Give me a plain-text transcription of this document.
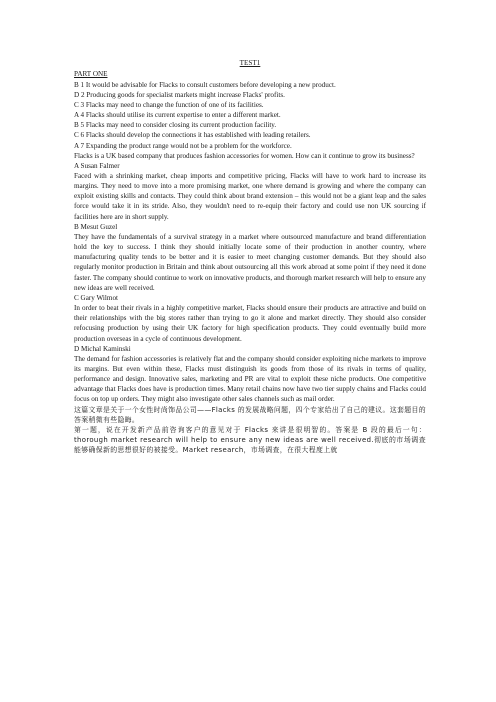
TEST1

PART ONE

B 1 It would be advisable for Flacks to consult customers before developing a new product.

D 2 Producing goods for specialist markets might increase Flacks' profits.

C 3 Flacks may need to change the function of one of its facilities.

A 4 Flacks should utilise its current expertise to enter a different market.

B 5 Flacks may need to consider closing its current production facility.

C 6 Flacks should develop the connections it has established with leading retailers.

A 7 Expanding the product range would not be a problem for the workforce.

Flacks is a UK based company that produces fashion accessories for women. How can it continue to grow its business?

A Susan Falmer

Faced with a shrinking market, cheap imports and competitive pricing, Flacks will have to work hard to increase its margins. They need to move into a more promising market, one where demand is growing and where the company can exploit existing skills and contacts. They could think about brand extension – this would not be a giant leap and the sales force would take it in its stride. Also, they wouldn't need to re-equip their factory and could use non UK sourcing if facilities here are in short supply.

B Mesut Guzel

They have the fundamentals of a survival strategy in a market where outsourced manufacture and brand differentiation hold the key to success. I think they should initially locate some of their production in another country, where manufacturing quality tends to be better and it is easier to meet changing customer demands. But they should also regularly monitor production in Britain and think about outsourcing all this work abroad at some point if they need it done faster. The company should continue to work on innovative products, and thorough market research will help to ensure any new ideas are well received.

C Gary Wilmot

In order to beat their rivals in a highly competitive market, Flacks should ensure their products are attractive and build on their relationships with the big stores rather than trying to go it alone and market directly. They should also consider refocusing production by using their UK factory for high specification products. They could eventually build more production overseas in a cycle of continuous development.

D Michal Kaminski

The demand for fashion accessories is relatively flat and the company should consider exploiting niche markets to improve its margins. But even within these, Flacks must distinguish its goods from those of its rivals in terms of quality, performance and design. Innovative sales, marketing and PR are vital to exploit these niche products. One competitive advantage that Flacks does have is production times. Many retail chains now have two tier supply chains and Flacks could focus on top up orders. They might also investigate other sales channels such as mail order.

这篇文章是关于一个女性时尚饰品公司——Flacks 的发展战略问题，四个专家给出了自己的建议。这套题目的答案稍微有些隐晦。

第一题，说在开发新产品前咨询客户的意见对于 Flacks 来讲是很明智的。答案是 B 段的最后一句：thorough market research will help to ensure any new ideas are well received.彻底的市场调查能够确保新的思想很好的被接受。Market research，市场调查，在很大程度上就
